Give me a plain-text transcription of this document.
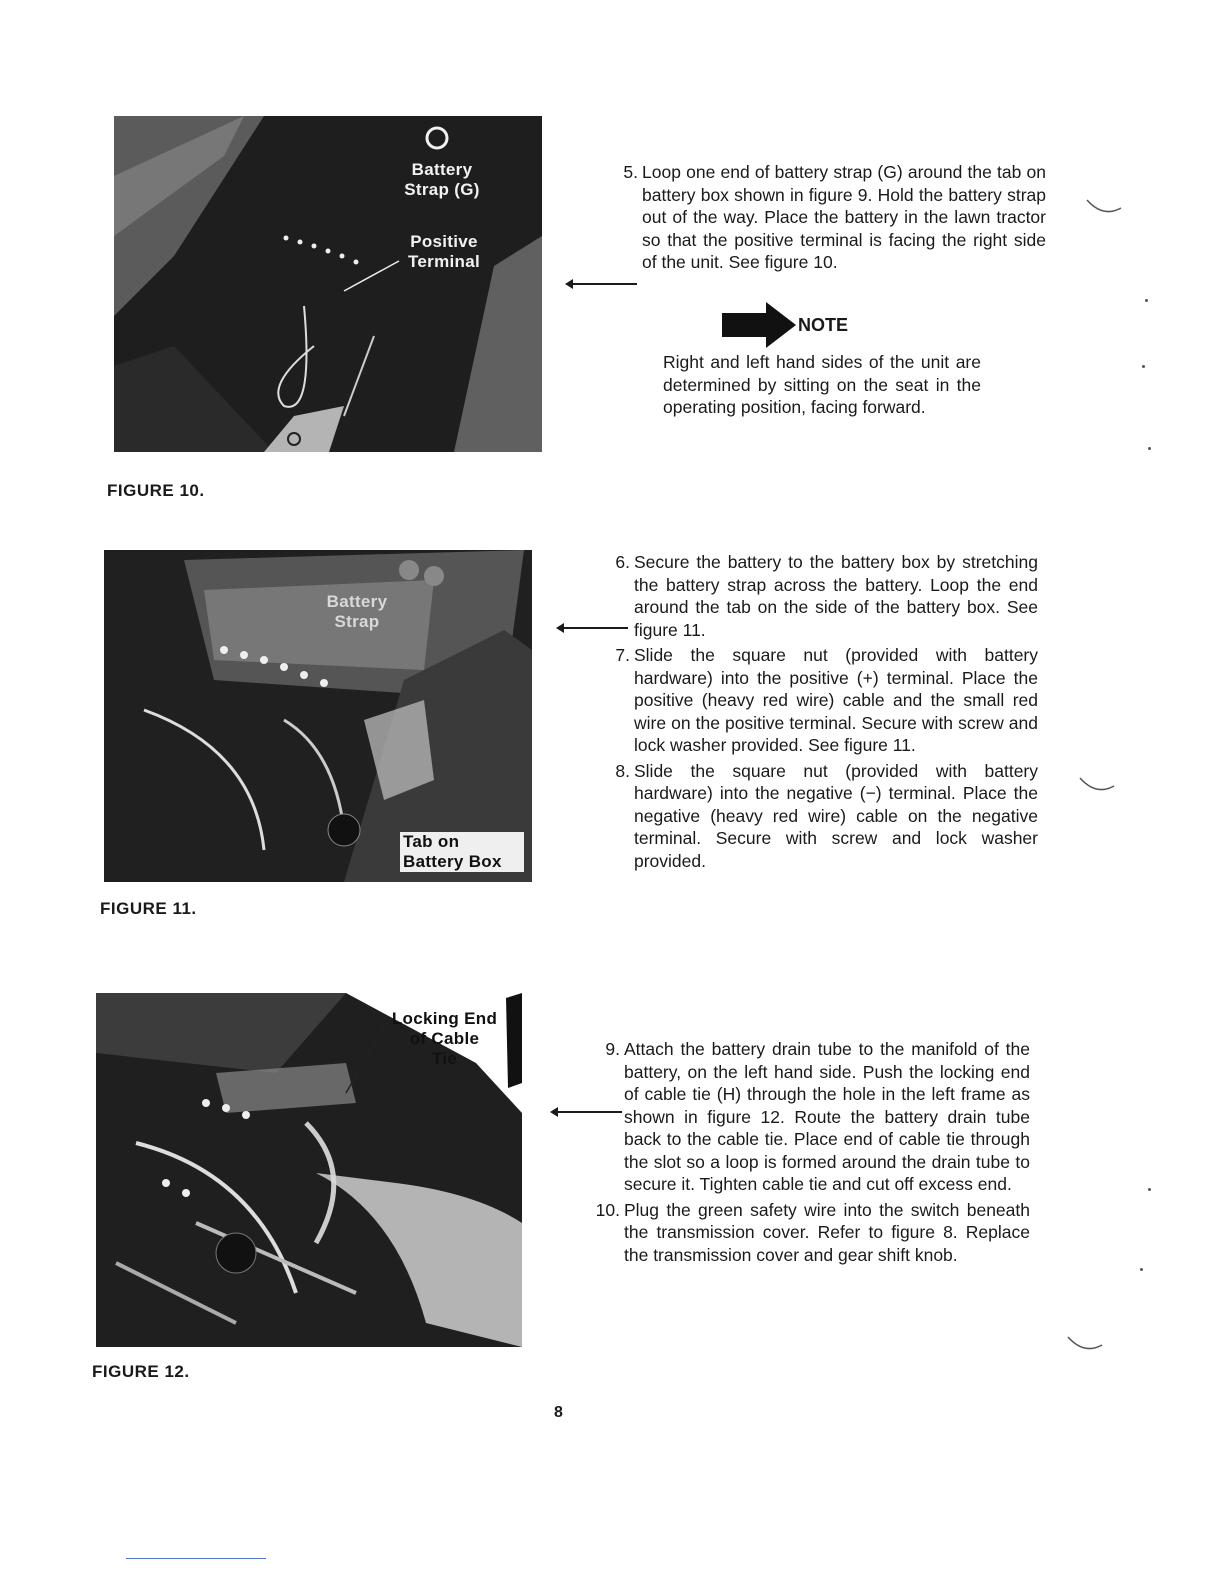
Battery
Strap (G)
Positive
Terminal
FIGURE 10.
Battery
Strap
Tab on
Battery Box
FIGURE 11.
Locking End
of Cable
Tie
FIGURE 12.
5. Loop one end of battery strap (G) around the tab on battery box shown in figure 9. Hold the battery strap out of the way. Place the battery in the lawn tractor so that the positive terminal is facing the right side of the unit. See figure 10.
NOTE
Right and left hand sides of the unit are determined by sitting on the seat in the operating position, facing forward.
6. Secure the battery to the battery box by stretching the battery strap across the battery. Loop the end around the tab on the side of the battery box. See figure 11.
7. Slide the square nut (provided with battery hardware) into the positive (+) terminal. Place the positive (heavy red wire) cable and the small red wire on the positive terminal. Secure with screw and lock washer provided. See figure 11.
8. Slide the square nut (provided with battery hardware) into the negative (−) terminal. Place the negative (heavy red wire) cable on the negative terminal. Secure with screw and lock washer provided.
9. Attach the battery drain tube to the manifold of the battery, on the left hand side. Push the locking end of cable tie (H) through the hole in the left frame as shown in figure 12. Route the battery drain tube back to the cable tie. Place end of cable tie through the slot so a loop is formed around the drain tube to secure it. Tighten cable tie and cut off excess end.
10. Plug the green safety wire into the switch beneath the transmission cover. Refer to figure 8. Replace the transmission cover and gear shift knob.
8
